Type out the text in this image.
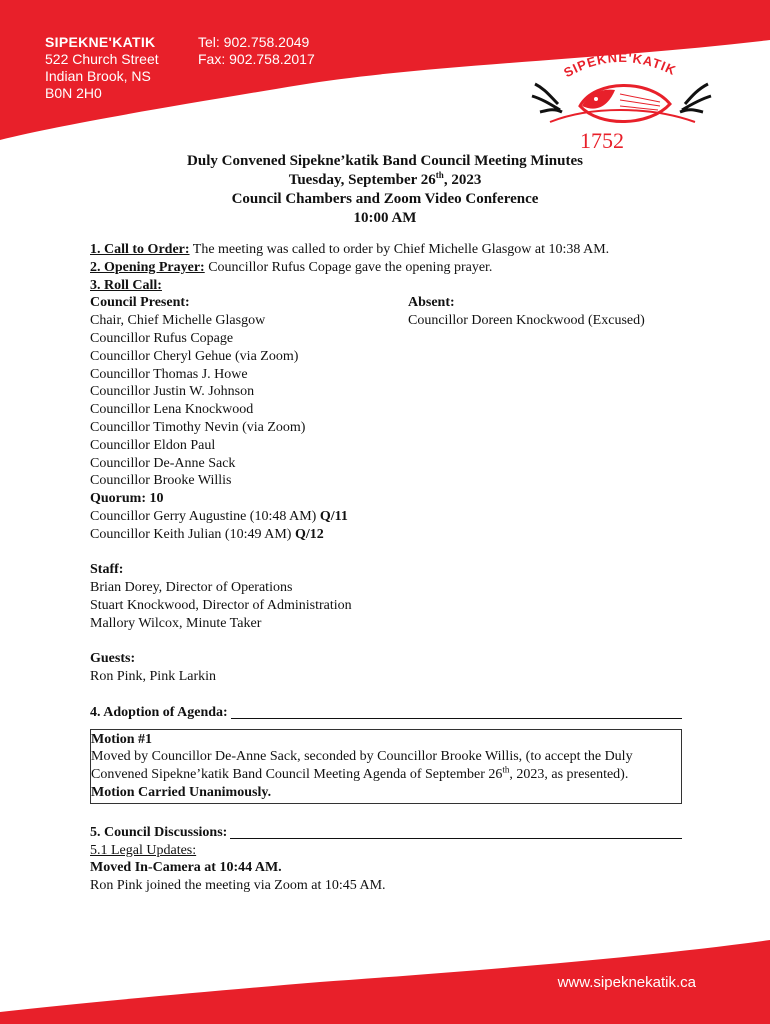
SIPEKNE'KATIK
522 Church Street
Indian Brook, NS
B0N 2H0
Tel: 902.758.2049
Fax: 902.758.2017
SIPEKNE'KATIK
1752
www.sipeknekatik.ca
Duly Convened Sipekne’katik Band Council Meeting Minutes
Tuesday, September 26th, 2023
Council Chambers and Zoom Video Conference
10:00 AM
1. Call to Order: The meeting was called to order by Chief Michelle Glasgow at 10:38 AM.
2. Opening Prayer: Councillor Rufus Copage gave the opening prayer.
3. Roll Call:
Council Present:
Chair, Chief Michelle Glasgow
Councillor Rufus Copage
Councillor Cheryl Gehue (via Zoom)
Councillor Thomas J. Howe
Councillor Justin W. Johnson
Councillor Lena Knockwood
Councillor Timothy Nevin (via Zoom)
Councillor Eldon Paul
Councillor De-Anne Sack
Councillor Brooke Willis
Absent:
Councillor Doreen Knockwood (Excused)
Quorum: 10
Councillor Gerry Augustine (10:48 AM) Q/11
Councillor Keith Julian (10:49 AM) Q/12
Staff:
Brian Dorey, Director of Operations
Stuart Knockwood, Director of Administration
Mallory Wilcox, Minute Taker
Guests:
Ron Pink, Pink Larkin
4. Adoption of Agenda:
Motion #1
Moved by Councillor De-Anne Sack, seconded by Councillor Brooke Willis, (to accept the Duly Convened Sipekne’katik Band Council Meeting Agenda of September 26th, 2023, as presented).
Motion Carried Unanimously.
5. Council Discussions:
5.1 Legal Updates:
Moved In-Camera at 10:44 AM.
Ron Pink joined the meeting via Zoom at 10:45 AM.
